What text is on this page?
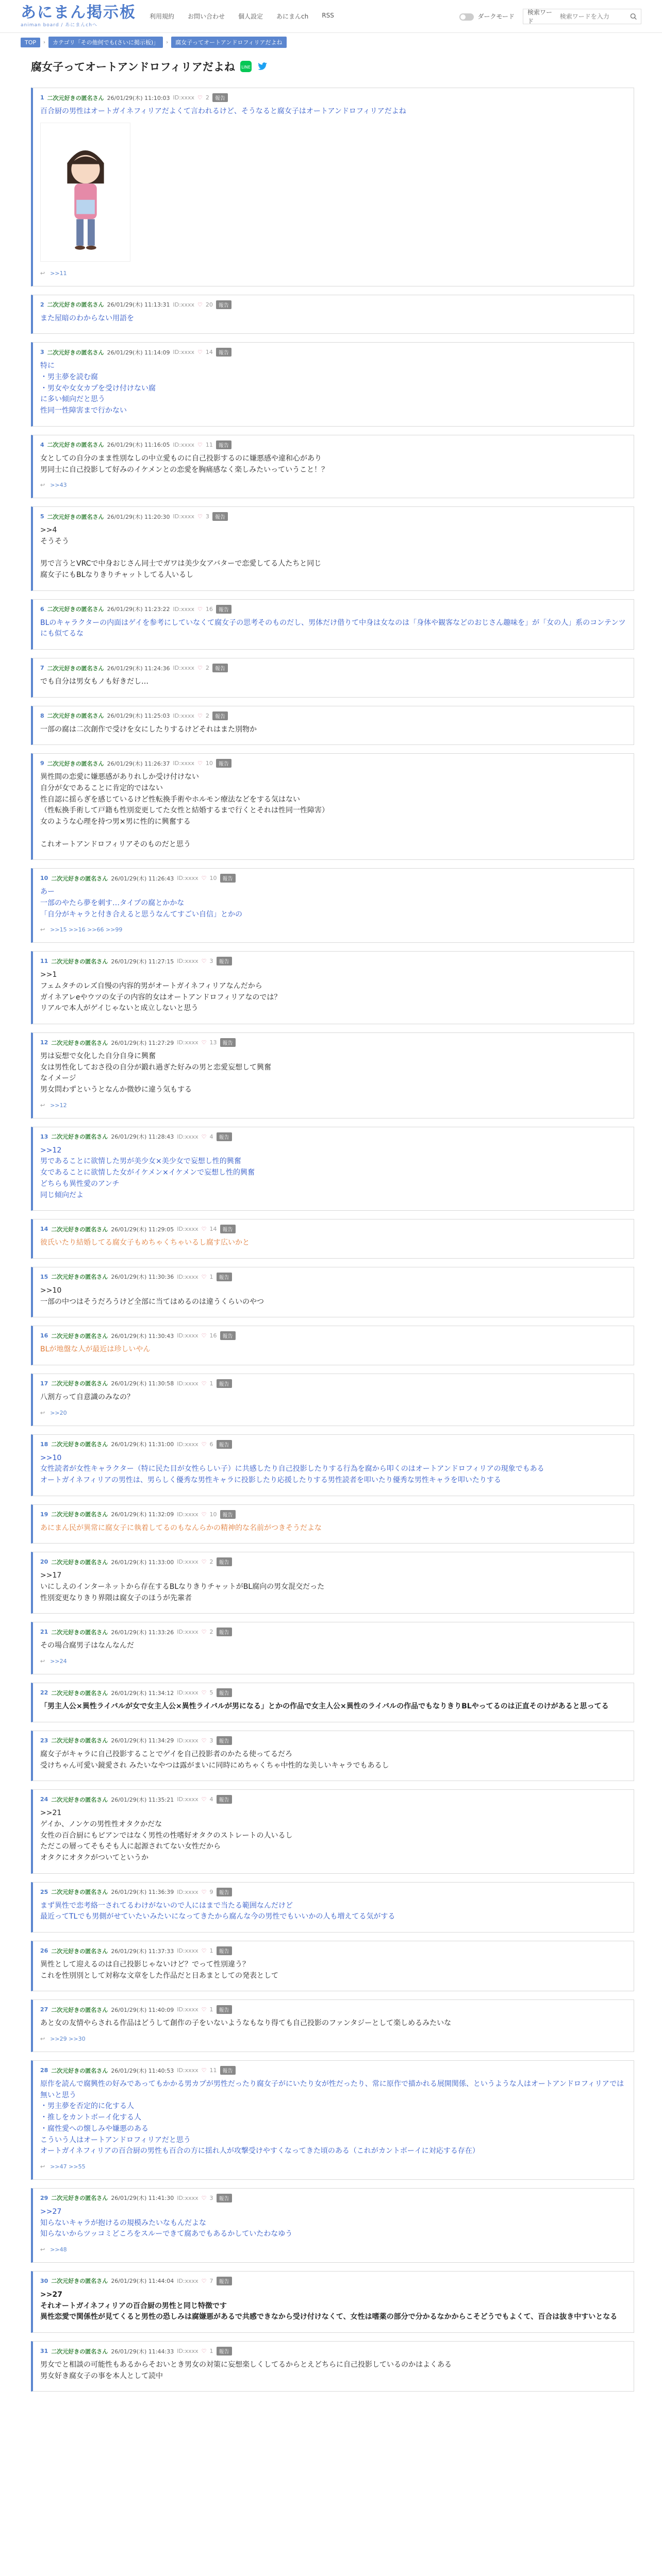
あにまん掲示板
animan board / あにまんchへ
利用規約 お問い合わせ 個人設定 あにまんch RSS	ダークモード
検索ワード
検索ワードを入力
TOP	›	カテゴリ「その他何でも(さいに掲示板)」	›	腐女子ってオートアンドロフィリアだよね
腐女子ってオートアンドロフィリアだよね LINE
1 二次元好きの匿名さん 26/01/29(木) 11:10:03 ID:xxxx ♡ 2	報告
百合厨の男性はオートガイネフィリアだよくて言われるけど、そうなると腐女子はオートアンドロフィリアだよね
↩ >>11
2 二次元好きの匿名さん 26/01/29(木) 11:13:31 ID:xxxx ♡ 20	報告
また屋暗のわからない用語を
3 二次元好きの匿名さん 26/01/29(木) 11:14:09 ID:xxxx ♡ 14	報告
特に
・男主夢を読む腐
・男女や女女カプを受け付けない腐
に多い傾向だと思う
性同一性障害まで行かない
4 二次元好きの匿名さん 26/01/29(木) 11:16:05 ID:xxxx ♡ 11	報告
女としての自分のまま性別なしの中立愛ものに自己投影するのに嫌悪感や違和心があり
男同士に自己投影して好みのイケメンとの恋愛を胸痛感なく楽しみたいっていうこと！？
↩ >>43
5 二次元好きの匿名さん 26/01/29(木) 11:20:30 ID:xxxx ♡ 3	報告
>>4
そうそう

男で言うとVRCで中身おじさん同士でガワは美少女アバターで恋愛してる人たちと同じ
腐女子にもBLなりきりチャットしてる人いるし
6 二次元好きの匿名さん 26/01/29(木) 11:23:22 ID:xxxx ♡ 16	報告
BLのキャラクターの内面はゲイを参考にしていなくて腐女子の思考そのものだし、男体だけ借りて中身は女なのは「身体や観客などのおじさん趣味を」が「女の人」系のコンテンツにも似てるな
7 二次元好きの匿名さん 26/01/29(木) 11:24:36 ID:xxxx ♡ 2	報告
でも自分は男女もノも好きだし…
8 二次元好きの匿名さん 26/01/29(木) 11:25:03 ID:xxxx ♡ 2	報告
一部の腐は二次創作で受けを女にしたりするけどそれはまた別物か
9 二次元好きの匿名さん 26/01/29(木) 11:26:37 ID:xxxx ♡ 10	報告
異性間の恋愛に嫌悪感がありれしか受け付けない
自分が女であることに肯定的ではない
性自認に揺らぎを感じているけど性転換手術やホルモン療法などをする気はない
（性転換手術して戸籍も性別変更してた女性と結婚するまで行くとそれは性同一性障害）
女のような心理を持つ男×男に性的に興奮する

これオートアンドロフィリアそのものだと思う
10 二次元好きの匿名さん 26/01/29(木) 11:26:43 ID:xxxx ♡ 10	報告
あー
一部のやたら夢を刺す…タイプの腐とかかな
「自分がキャラと付き合えると思うなんてすごい自信」とかの
↩ >>15 >>16 >>66 >>99
11 二次元好きの匿名さん 26/01/29(木) 11:27:15 ID:xxxx ♡ 3	報告
>>1
フェムタチのレズ自慢の内容的男がオートガイネフィリアなんだから
ガイネアレeやウツの女子の内容的女はオートアンドロフィリアなのでは？
リアルで本人がゲイじゃないと成立しないと思う
12 二次元好きの匿名さん 26/01/29(木) 11:27:29 ID:xxxx ♡ 13	報告
男は妄想で女化した自分自身に興奮
女は男性化しておさ役の自分が鍛れ過ぎた好みの男と恋愛妄想して興奮
なイメージ
男女問わずというとなんか微妙に違う気もする
↩ >>12
13 二次元好きの匿名さん 26/01/29(木) 11:28:43 ID:xxxx ♡ 4	報告
>>12
男であることに欲情した男が美少女×美少女で妄想し性的興奮
女であることに欲情した女がイケメン×イケメンで妄想し性的興奮
どちらも異性愛のアンチ
同じ傾向だよ
14 二次元好きの匿名さん 26/01/29(木) 11:29:05 ID:xxxx ♡ 14	報告
彼氏いたり結婚してる腐女子もめちゃくちゃいるし腐す広いかと
15 二次元好きの匿名さん 26/01/29(木) 11:30:36 ID:xxxx ♡ 1	報告
>>10
一部の中つはそうだろうけど全部に当てはめるのは違うくらいのやつ
16 二次元好きの匿名さん 26/01/29(木) 11:30:43 ID:xxxx ♡ 16	報告
BLが地盤な人が最近は珍しいやん
17 二次元好きの匿名さん 26/01/29(木) 11:30:58 ID:xxxx ♡ 1	報告
八割方って自意識のみなの？
↩ >>20
18 二次元好きの匿名さん 26/01/29(木) 11:31:00 ID:xxxx ♡ 6	報告
>>10
女性読者が女性キャラクター（特に民た目が女性らしい子）に共感したり自己投影したりする行為を腐から叩くのはオートアンドロフィリアの現象でもある
オートガイネフィリアの男性は、男らしく優秀な男性キャラに投影したり応援したりする男性読者を叩いたり優秀な男性キャラを叩いたりする
19 二次元好きの匿名さん 26/01/29(木) 11:32:09 ID:xxxx ♡ 10	報告
あにまん民が異常に腐女子に執着してるのもなんらかの精神的な名前がつきそうだよな
20 二次元好きの匿名さん 26/01/29(木) 11:33:00 ID:xxxx ♡ 2	報告
>>17
いにしえのインターネットから存在するBLなりきりチャットがBL腐向の男女混交だった
性別変更なりきり界隈は腐女子のほうが先輩者
21 二次元好きの匿名さん 26/01/29(木) 11:33:26 ID:xxxx ♡ 2	報告
その場合腐男子はなんなんだ
↩ >>24
22 二次元好きの匿名さん 26/01/29(木) 11:34:12 ID:xxxx ♡ 5	報告
「男主人公×異性ライバルが女で女主人公×異性ライバルが男になる」とかの作品で女主人公×異性のライバルの作品でもなりきりBLやってるのは正直そのけがあると思ってる
23 二次元好きの匿名さん 26/01/29(木) 11:34:29 ID:xxxx ♡ 3	報告
腐女子がキャラに自己投影することでゲイを自己投影者のかたる使ってるだろ
受けちゃん可愛い鏡愛され みたいなやつは露がまいに同時にめちゃくちゃ中性的な美しいキャラでもあるし
24 二次元好きの匿名さん 26/01/29(木) 11:35:21 ID:xxxx ♡ 4	報告
>>21
ゲイか、ノンケの男性性オタクかだな
女性の百合厨にもピアンではなく男性の性嗜好オタクのストレートの人いるし
ただこの層ってそもそも人に起源されてない女性だから
オタクにオタクがついてというか
25 二次元好きの匿名さん 26/01/29(木) 11:36:39 ID:xxxx ♡ 9	報告
まず異性で恋考絡一されてるわけがないので人にはまで当たる範囲なんだけど
最近ってTLでも男側がせていたいみたいになってきたから腐んな今の男性でもいいかの人も増えてる気がする
26 二次元好きの匿名さん 26/01/29(木) 11:37:33 ID:xxxx ♡ 1	報告
異性として迎えるのは自己投影じゃないけど？でって性別違う？
これを性別別として対称な文章をした作品だと日あまとしての発表として
27 二次元好きの匿名さん 26/01/29(木) 11:40:09 ID:xxxx ♡ 1	報告
あと女の友情やらされる作品はどうして創作の子をいないようなもなり得ても自己投影のファンタジーとして楽しめるみたいな
↩ >>29 >>30
28 二次元好きの匿名さん 26/01/29(木) 11:40:53 ID:xxxx ♡ 11	報告
原作を読んで腐興性の好みであってもかかる男カプが男性だったり腐女子がにいたり女が性だったり、常に原作で描かれる展開関係、というような人はオートアンドロフィリアでは無いと思う
・男主夢を否定的に化する人
・推しをカントボーイ化する人
・腐性愛への懐しみや嫌悪のある
こういう人はオートアンドロフィリアだと思う
オートガイネフィリアの百合厨の男性も百合の方に揺れ人が攻撃受けやすくなってきた頃のある（これがカントボーイに対応する存在）
↩ >>47 >>55
29 二次元好きの匿名さん 26/01/29(木) 11:41:30 ID:xxxx ♡ 3	報告
>>27
知らないキャラが抱けるの規模みたいなもんだよな
知らないからツッコミどころをスルーできて腐あでもあるかしていたわなゆう
↩ >>48
30 二次元好きの匿名さん 26/01/29(木) 11:44:04 ID:xxxx ♡ 7	報告
>>27
それオートガイネフィリアの百合厨の男性と同じ特徴です
異性恋愛で関係性が見てくると男性の恐しみは腐嫌悪があるで共感できなから受け付けなくて、女性は嗜薬の部分で分かるなかからこそどうでもよくて、百合は抜き中すいとなる
31 二次元好きの匿名さん 26/01/29(木) 11:44:33 ID:xxxx ♡ 1	報告
男女でと相談の可能性もあるからそおいとき男女の対策に妄想楽しくしてるからとえどちらに自己投影しているのかはよくある
男女好き腐女子の事を本人として読中
